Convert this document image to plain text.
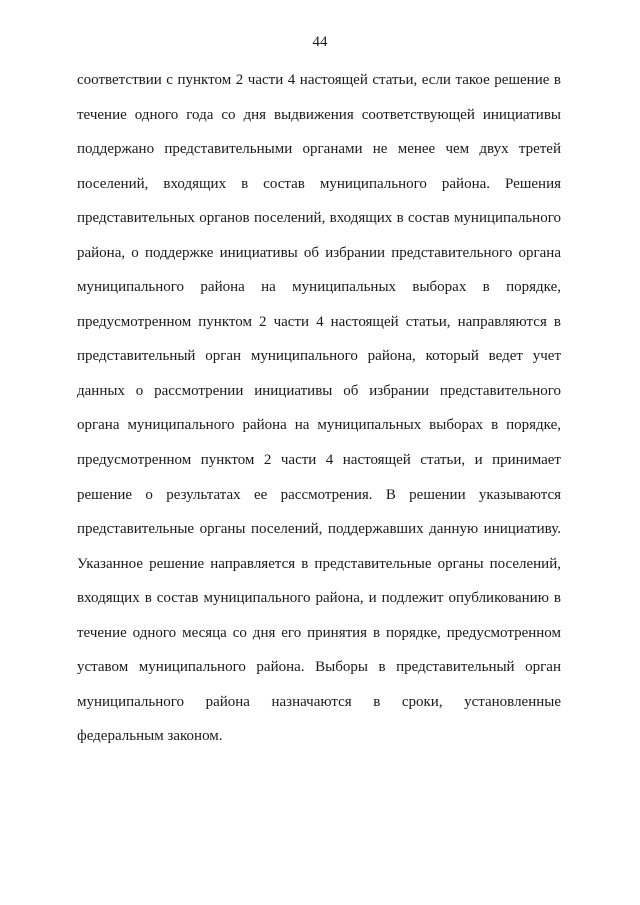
44
соответствии с пунктом 2 части 4 настоящей статьи, если такое решение в
течение одного года со дня выдвижения соответствующей инициативы
поддержано представительными органами не менее чем двух третей
поселений, входящих в состав муниципального района. Решения
представительных органов поселений, входящих в состав муниципального
района, о поддержке инициативы об избрании представительного органа
муниципального района на муниципальных выборах в порядке,
предусмотренном пунктом 2 части 4 настоящей статьи, направляются в
представительный орган муниципального района, который ведет учет
данных о рассмотрении инициативы об избрании представительного
органа муниципального района на муниципальных выборах в порядке,
предусмотренном пунктом 2 части 4 настоящей статьи, и принимает
решение о результатах ее рассмотрения. В решении указываются
представительные органы поселений, поддержавших данную инициативу.
Указанное решение направляется в представительные органы поселений,
входящих в состав муниципального района, и подлежит опубликованию в
течение одного месяца со дня его принятия в порядке, предусмотренном
уставом муниципального района. Выборы в представительный орган
муниципального района назначаются в сроки, установленные
федеральным законом.
